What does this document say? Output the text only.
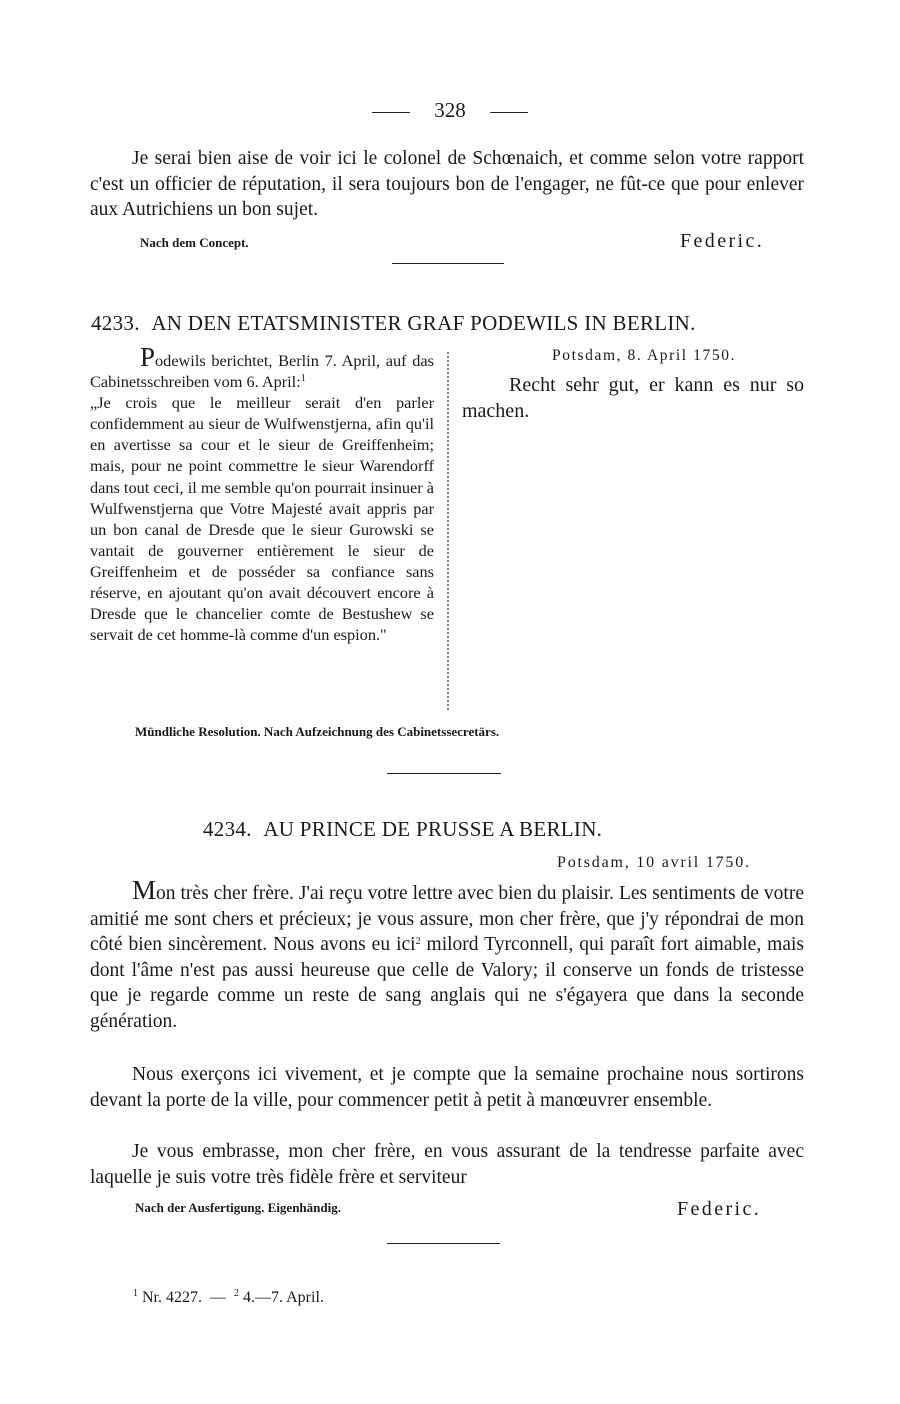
328

Je serai bien aise de voir ici le colonel de Schœnaich, et comme selon votre rapport c'est un officier de réputation, il sera toujours bon de l'engager, ne fût-ce que pour enlever aux Autrichiens un bon sujet.

Nach dem Concept.	Federic.
4233. AN DEN ETATSMINISTER GRAF PODEWILS IN BERLIN.

Podewils berichtet, Berlin 7. April, auf das Cabinetsschreiben vom 6. April:$^1$

„Je crois que le meilleur serait d'en parler confidemment au sieur de Wulfwenstjerna, afin qu'il en avertisse sa cour et le sieur de Greiffenheim; mais, pour ne point commettre le sieur Warendorff dans tout ceci, il me semble qu'on pourrait insinuer à Wulfwenstjerna que Votre Majesté avait appris par un bon canal de Dresde que le sieur Gurowski se vantait de gouverner entièrement le sieur de Greiffenheim et de posséder sa confiance sans réserve, en ajoutant qu'on avait découvert encore à Dresde que le chancelier comte de Bestushew se servait de cet homme-là comme d'un espion."

Potsdam, 8. April 1750.

Recht sehr gut, er kann es nur so machen.

Mündliche Resolution. Nach Aufzeichnung des Cabinetssecretärs.
4234. AU PRINCE DE PRUSSE A BERLIN.
Potsdam, 10 avril 1750.

Mon très cher frère. J'ai reçu votre lettre avec bien du plaisir. Les sentiments de votre amitié me sont chers et précieux; je vous assure, mon cher frère, que j'y répondrai de mon côté bien sincèrement. Nous avons eu ici$^2$ milord Tyrconnell, qui paraît fort aimable, mais dont l'âme n'est pas aussi heureuse que celle de Valory; il conserve un fonds de tristesse que je regarde comme un reste de sang anglais qui ne s'égayera que dans la seconde génération.

Nous exerçons ici vivement, et je compte que la semaine prochaine nous sortirons devant la porte de la ville, pour commencer petit à petit à manœuvrer ensemble.

Je vous embrasse, mon cher frère, en vous assurant de la tendresse parfaite avec laquelle je suis votre très fidèle frère et serviteur

Nach der Ausfertigung. Eigenhändig.	Federic.
$^1$ Nr. 4227. — $^2$ 4.—7. April.
